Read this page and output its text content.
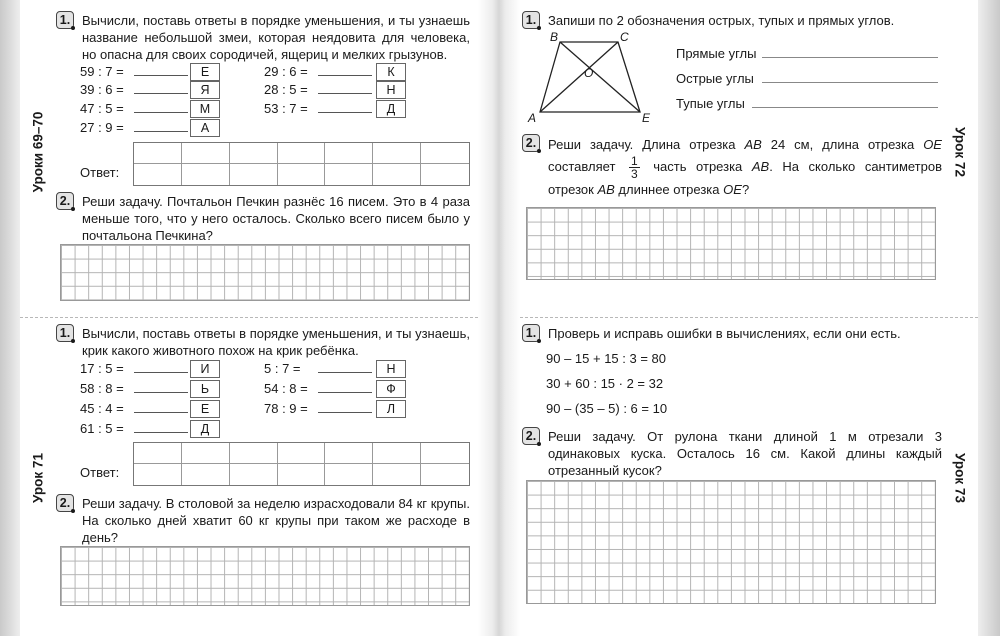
Уроки 69–70
Урок 71
Урок 72
Урок 73
1. Вычисли, поставь ответы в порядке уменьшения, и ты узнаешь название небольшой змеи, которая неядовита для человека, но опасна для своих сородичей, ящериц и мелких грызунов.
59 : 7 =	Е
39 : 6 =	Я
47 : 5 =	М
27 : 9 =	А
29 : 6 =	К
28 : 5 =	Н
53 : 7 =	Д
Ответ:
2. Реши задачу. Почтальон Печкин разнёс 16 писем. Это в 4 раза меньше того, что у него осталось. Сколько всего писем было у почтальона Печкина?
1. Вычисли, поставь ответы в порядке уменьшения, и ты узнаешь, крик какого животного похож на крик ребёнка.
17 : 5 =	И
58 : 8 =	Ь
45 : 4 =	Е
61 : 5 =	Д
5 : 7 =	Н
54 : 8 =	Ф
78 : 9 =	Л
Ответ:
2. Реши задачу. В столовой за неделю израсходовали 84 кг крупы. На сколько дней хватит 60 кг крупы при таком же расходе в день?
1. Запиши по 2 обозначения острых, тупых и прямых углов.
B	C
O
A	E
Прямые углы
Острые углы
Тупые углы
2. Реши задачу. Длина отрезка AB 24 см, длина отрезка OE составляет $\frac{1}{3}$ часть отрезка AB. На сколько сантиметров отрезок AB длиннее отрезка OE?
1. Проверь и исправь ошибки в вычислениях, если они есть.
90 – 15 + 15 : 3 = 80
30 + 60 : 15 · 2 = 32
90 – (35 – 5) : 6 = 10
2. Реши задачу. От рулона ткани длиной 1 м отрезали 3 одинаковых куска. Осталось 16 см. Какой длины каждый отрезанный кусок?
